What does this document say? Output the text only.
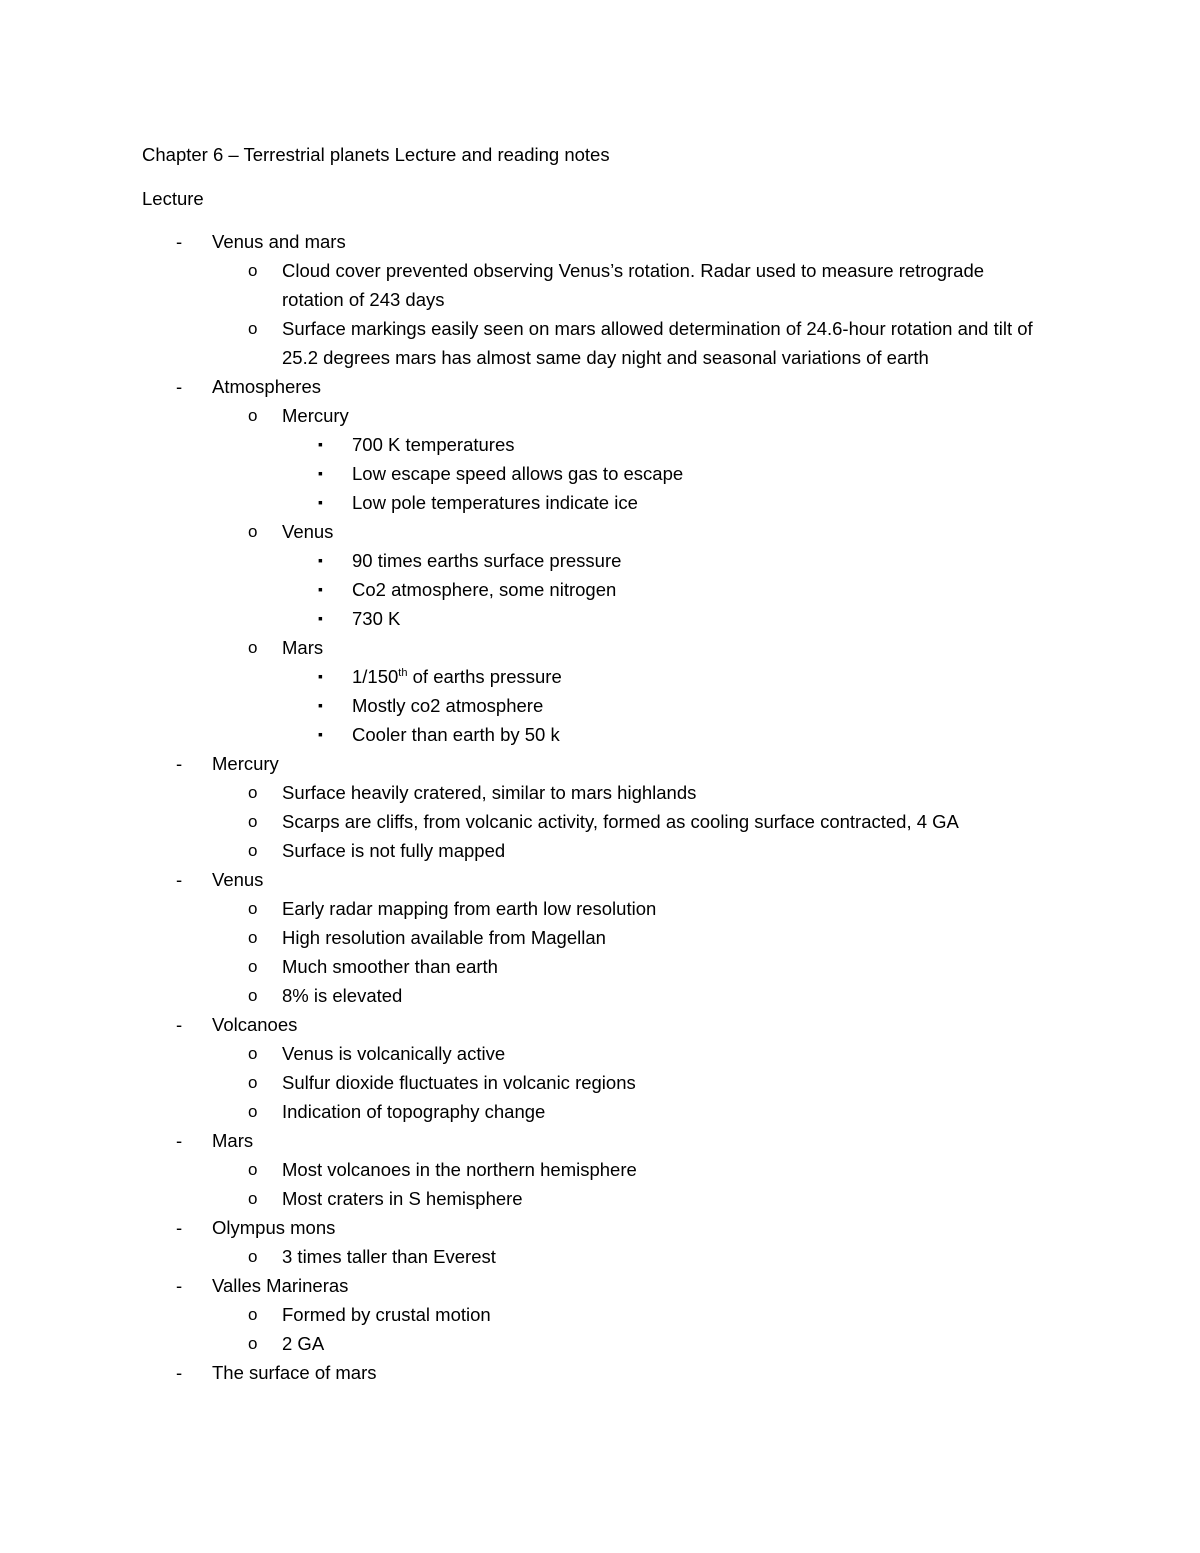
Chapter 6 – Terrestrial planets Lecture and reading notes
Lecture
- Venus and mars
o Cloud cover prevented observing Venus’s rotation. Radar used to measure retrograde rotation of 243 days
o Surface markings easily seen on mars allowed determination of 24.6-hour rotation and tilt of 25.2 degrees mars has almost same day night and seasonal variations of earth
- Atmospheres
o Mercury
▪ 700 K temperatures
▪ Low escape speed allows gas to escape
▪ Low pole temperatures indicate ice
o Venus
▪ 90 times earths surface pressure
▪ Co2 atmosphere, some nitrogen
▪ 730 K
o Mars
▪ 1/150th of earths pressure
▪ Mostly co2 atmosphere
▪ Cooler than earth by 50 k
- Mercury
o Surface heavily cratered, similar to mars highlands
o Scarps are cliffs, from volcanic activity, formed as cooling surface contracted, 4 GA
o Surface is not fully mapped
- Venus
o Early radar mapping from earth low resolution
o High resolution available from Magellan
o Much smoother than earth
o 8% is elevated
- Volcanoes
o Venus is volcanically active
o Sulfur dioxide fluctuates in volcanic regions
o Indication of topography change
- Mars
o Most volcanoes in the northern hemisphere
o Most craters in S hemisphere
- Olympus mons
o 3 times taller than Everest
- Valles Marineras
o Formed by crustal motion
o 2 GA
- The surface of mars
